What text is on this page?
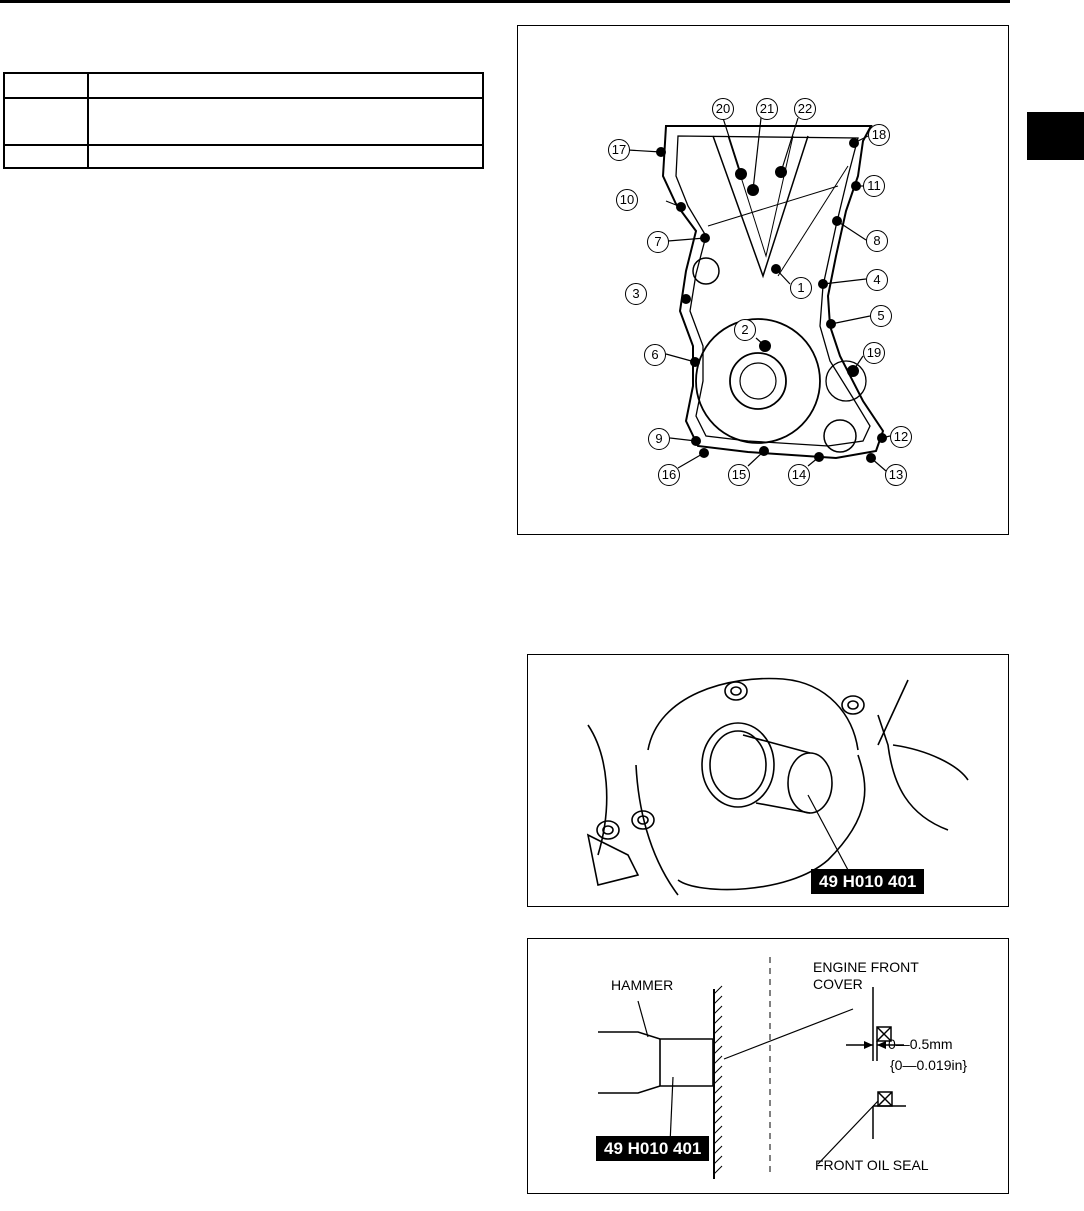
1
2
3
4
5
6
7	8
9
10
11
12
13
14
15
16
17
18
19
20 21 22
49 H010 401
HAMMER
ENGINE FRONT
COVER
0—0.5mm
{0—0.019in}
FRONT OIL SEAL
49 H010 401
